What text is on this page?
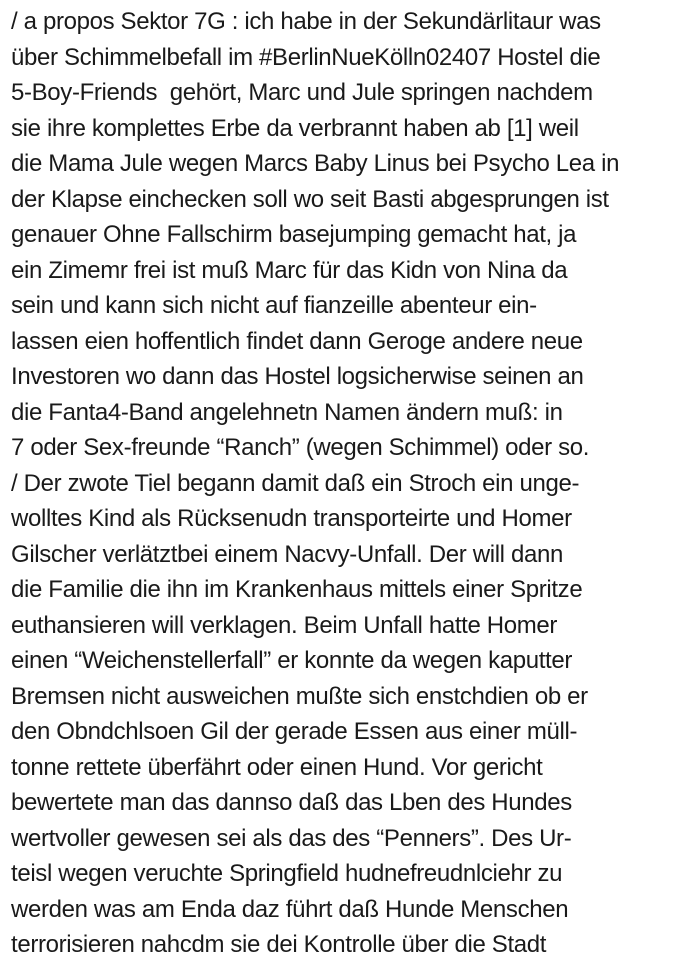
/ a propos Sektor 7G : ich habe in der Sekundärlitaur was
über Schimmelbefall im #BerlinNueKölln02407 Hostel die
5-Boy-Friends  gehört, Marc und Jule springen nachdem
sie ihre komplettes Erbe da verbrannt haben ab [1] weil
die Mama Jule wegen Marcs Baby Linus bei Psycho Lea in
der Klapse einchecken soll wo seit Basti abgesprungen ist
genauer Ohne Fallschirm basejumping gemacht hat, ja
ein Zimemr frei ist muß Marc für das Kidn von Nina da
sein und kann sich nicht auf fianzeille abenteur ein-
lassen eien hoffentlich findet dann Geroge andere neue
Investoren wo dann das Hostel logsicherwise seinen an
die Fanta4-Band angelehnetn Namen ändern muß: in
7 oder Sex-freunde “Ranch” (wegen Schimmel) oder so.
/ Der zwote Tiel begann damit daß ein Stroch ein unge-
wolltes Kind als Rücksenudn transporteirte und Homer
Gilscher verlätztbei einem Nacvy-Unfall. Der will dann
die Familie die ihn im Krankenhaus mittels einer Spritze
euthansieren will verklagen. Beim Unfall hatte Homer
einen “Weichenstellerfall” er konnte da wegen kaputter
Bremsen nicht ausweichen mußte sich enstchdien ob er
den Obndchlsoen Gil der gerade Essen aus einer müll-
tonne rettete überfährt oder einen Hund. Vor gericht
bewertete man das dannso daß das Lben des Hundes
wertvoller gewesen sei als das des “Penners”. Des Ur-
teisl wegen veruchte Springfield hudnefreudnlciehr zu
werden was am Enda daz führt daß Hunde Menschen
terrorisieren nahcdm sie dei Kontrolle über die Stadt
